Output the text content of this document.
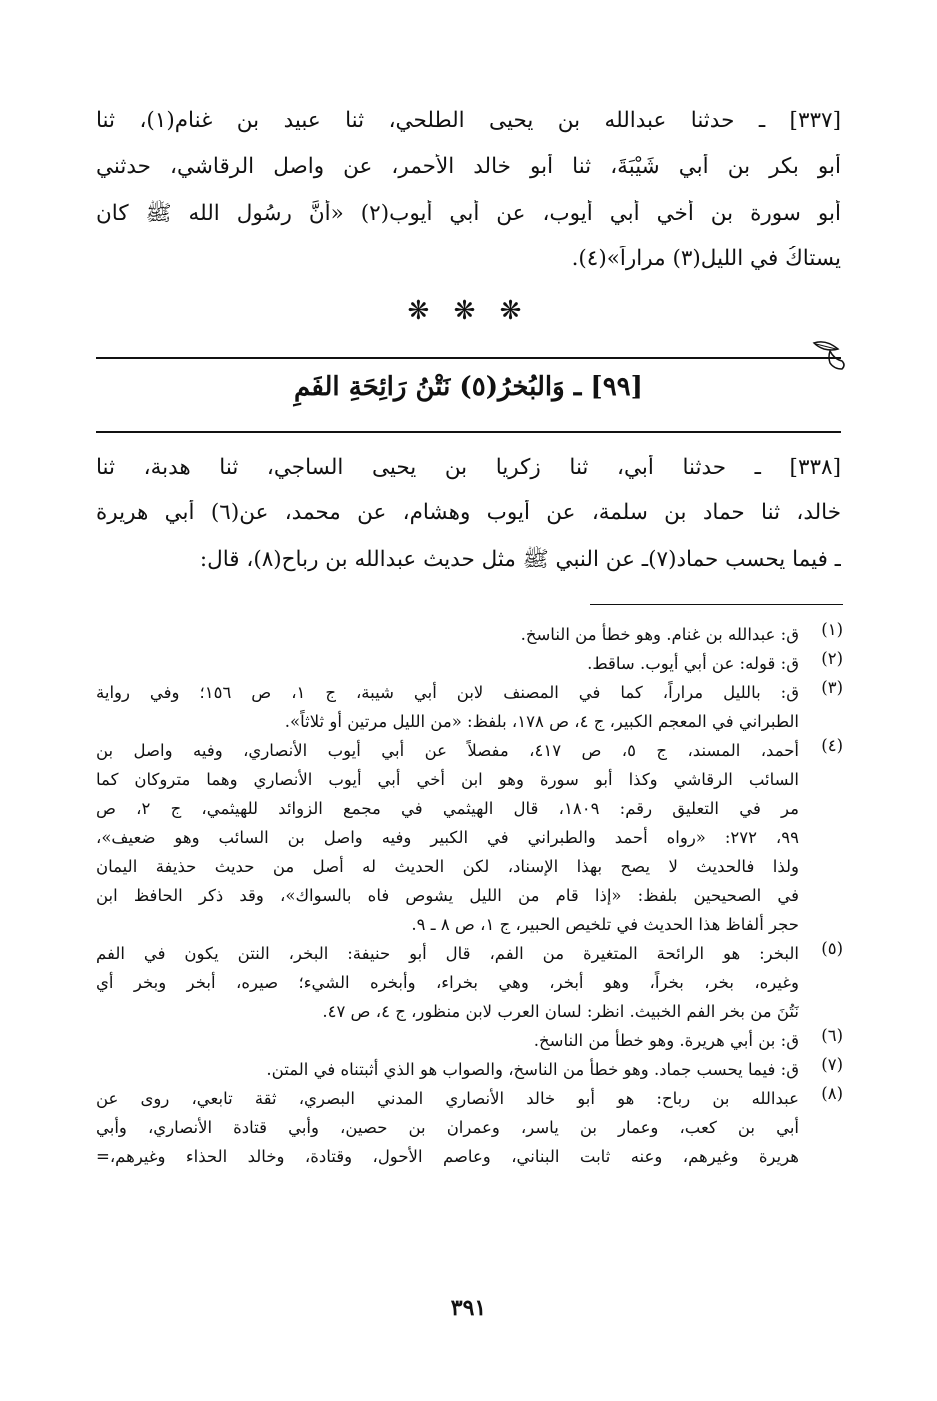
[٣٣٧] ـ حدثنا عبدالله بن يحيى الطلحي، ثنا عبيد بن غنام(١)، ثنا
أبو بكر بن أبي شَيْبَةَ، ثنا أبو خالد الأحمر، عن واصل الرقاشي، حدثني
أبو سورة بن أخي أبي أيوب، عن أبي أيوب(٢) «أنَّ رسُول الله ﷺ كان
يستاكُ في الليل(٣) مراراً»(٤).
❋ ❋ ❋
[٩٩] ـ وَالبُخرُ(٥) نَتْنُ رَائِحَةِ الفَمِ
[٣٣٨] ـ حدثنا أبي، ثنا زكريا بن يحيى الساجي، ثنا هدبة، ثنا
خالد، ثنا حماد بن سلمة، عن أيوب وهشام، عن محمد، عن(٦) أبي هريرة
ـ فيما يحسب حماد(٧)ـ عن النبي ﷺ مثل حديث عبدالله بن رباح(٨)، قال:
(١)
ق: عبدالله بن غنام. وهو خطأ من الناسخ.
(٢)
ق: قوله: عن أبي أيوب. ساقط.
(٣)
ق: بالليل مراراً، كما في المصنف لابن أبي شيبة، ج ١، ص ١٥٦؛ وفي رواية
الطبراني في المعجم الكبير، ج ٤، ص ١٧٨، بلفظ: «من الليل مرتين أو ثلاثاً».
(٤)
أحمد، المسند، ج ٥، ص ٤١٧، مفصلاً عن أبي أيوب الأنصاري، وفيه واصل بن
السائب الرقاشي وكذا أبو سورة وهو ابن أخي أبي أيوب الأنصاري وهما متروكان كما
مر في التعليق رقم: ١٨٠٩، قال الهيثمي في مجمع الزوائد للهيثمي، ج ٢، ص
٩٩، ٢٧٢: «رواه أحمد والطبراني في الكبير وفيه واصل بن السائب وهو ضعيف»،
ولذا فالحديث لا يصح بهذا الإسناد، لكن الحديث له أصل من حديث حذيفة اليمان
في الصحيحين بلفظ: «إذا قام من الليل يشوص فاه بالسواك»، وقد ذكر الحافظ ابن
حجر ألفاظ هذا الحديث في تلخيص الحبير، ج ١، ص ٨ ـ ٩.
(٥)
البخر: هو الرائحة المتغيرة من الفم، قال أبو حنيفة: البخر، النتن يكون في الفم
وغيره، بخر، بخراً، وهو أبخر، وهي بخراء، وأبخره الشيء؛ صيره، أبخر وبخر أي
نَتُنَ من بخر الفم الخبيث. انظر: لسان العرب لابن منظور، ج ٤، ص ٤٧.
(٦)
ق: بن أبي هريرة. وهو خطأ من الناسخ.
(٧)
ق: فيما يحسب جماد. وهو خطأ من الناسخ، والصواب هو الذي أثبتناه في المتن.
(٨)
عبدالله بن رباح: هو أبو خالد الأنصاري المدني البصري، ثقة تابعي، روى عن
أبي بن كعب، وعمار بن ياسر، وعمران بن حصين، وأبي قتادة الأنصاري، وأبي
هريرة وغيرهم، وعنه ثابت البناني، وعاصم الأحول، وقتادة، وخالد الحذاء وغيرهم،=
٣٩١
